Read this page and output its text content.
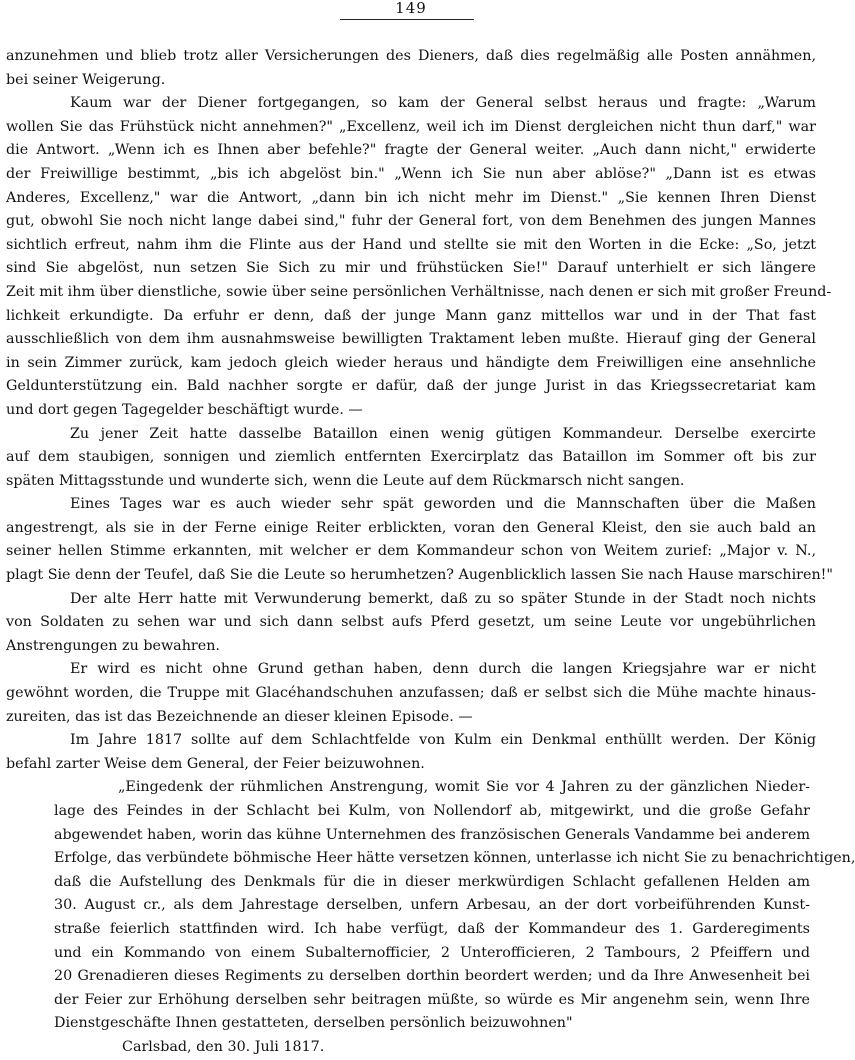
149
anzunehmen und blieb trotz aller Versicherungen des Dieners, daß dies regelmäßig alle Posten annähmen,
bei seiner Weigerung.
Kaum war der Diener fortgegangen, so kam der General selbst heraus und fragte: „Warum
wollen Sie das Frühstück nicht annehmen?" „Excellenz, weil ich im Dienst dergleichen nicht thun darf," war
die Antwort. „Wenn ich es Ihnen aber befehle?" fragte der General weiter. „Auch dann nicht," erwiderte
der Freiwillige bestimmt, „bis ich abgelöst bin." „Wenn ich Sie nun aber ablöse?" „Dann ist es etwas
Anderes, Excellenz," war die Antwort, „dann bin ich nicht mehr im Dienst." „Sie kennen Ihren Dienst
gut, obwohl Sie noch nicht lange dabei sind," fuhr der General fort, von dem Benehmen des jungen Mannes
sichtlich erfreut, nahm ihm die Flinte aus der Hand und stellte sie mit den Worten in die Ecke: „So, jetzt
sind Sie abgelöst, nun setzen Sie Sich zu mir und frühstücken Sie!" Darauf unterhielt er sich längere
Zeit mit ihm über dienstliche, sowie über seine persönlichen Verhältnisse, nach denen er sich mit großer Freund-
lichkeit erkundigte. Da erfuhr er denn, daß der junge Mann ganz mittellos war und in der That fast
ausschließlich von dem ihm ausnahmsweise bewilligten Traktament leben mußte. Hierauf ging der General
in sein Zimmer zurück, kam jedoch gleich wieder heraus und händigte dem Freiwilligen eine ansehnliche
Geldunterstützung ein. Bald nachher sorgte er dafür, daß der junge Jurist in das Kriegssecretariat kam
und dort gegen Tagegelder beschäftigt wurde. —
Zu jener Zeit hatte dasselbe Bataillon einen wenig gütigen Kommandeur. Derselbe exercirte
auf dem staubigen, sonnigen und ziemlich entfernten Exercirplatz das Bataillon im Sommer oft bis zur
späten Mittagsstunde und wunderte sich, wenn die Leute auf dem Rückmarsch nicht sangen.
Eines Tages war es auch wieder sehr spät geworden und die Mannschaften über die Maßen
angestrengt, als sie in der Ferne einige Reiter erblickten, voran den General Kleist, den sie auch bald an
seiner hellen Stimme erkannten, mit welcher er dem Kommandeur schon von Weitem zurief: „Major v. N.,
plagt Sie denn der Teufel, daß Sie die Leute so herumhetzen? Augenblicklich lassen Sie nach Hause marschiren!"
Der alte Herr hatte mit Verwunderung bemerkt, daß zu so später Stunde in der Stadt noch nichts
von Soldaten zu sehen war und sich dann selbst aufs Pferd gesetzt, um seine Leute vor ungebührlichen
Anstrengungen zu bewahren.
Er wird es nicht ohne Grund gethan haben, denn durch die langen Kriegsjahre war er nicht
gewöhnt worden, die Truppe mit Glacéhandschuhen anzufassen; daß er selbst sich die Mühe machte hinaus-
zureiten, das ist das Bezeichnende an dieser kleinen Episode. —
Im Jahre 1817 sollte auf dem Schlachtfelde von Kulm ein Denkmal enthüllt werden. Der König
befahl zarter Weise dem General, der Feier beizuwohnen.
„Eingedenk der rühmlichen Anstrengung, womit Sie vor 4 Jahren zu der gänzlichen Nieder-
lage des Feindes in der Schlacht bei Kulm, von Nollendorf ab, mitgewirkt, und die große Gefahr
abgewendet haben, worin das kühne Unternehmen des französischen Generals Vandamme bei anderem
Erfolge, das verbündete böhmische Heer hätte versetzen können, unterlasse ich nicht Sie zu benachrichtigen,
daß die Aufstellung des Denkmals für die in dieser merkwürdigen Schlacht gefallenen Helden am
30. August cr., als dem Jahrestage derselben, unfern Arbesau, an der dort vorbeiführenden Kunst-
straße feierlich stattfinden wird. Ich habe verfügt, daß der Kommandeur des 1. Garderegiments
und ein Kommando von einem Subalternofficier, 2 Unterofficieren, 2 Tambours, 2 Pfeiffern und
20 Grenadieren dieses Regiments zu derselben dorthin beordert werden; und da Ihre Anwesenheit bei
der Feier zur Erhöhung derselben sehr beitragen müßte, so würde es Mir angenehm sein, wenn Ihre
Dienstgeschäfte Ihnen gestatteten, derselben persönlich beizuwohnen"
Carlsbad, den 30. Juli 1817.
